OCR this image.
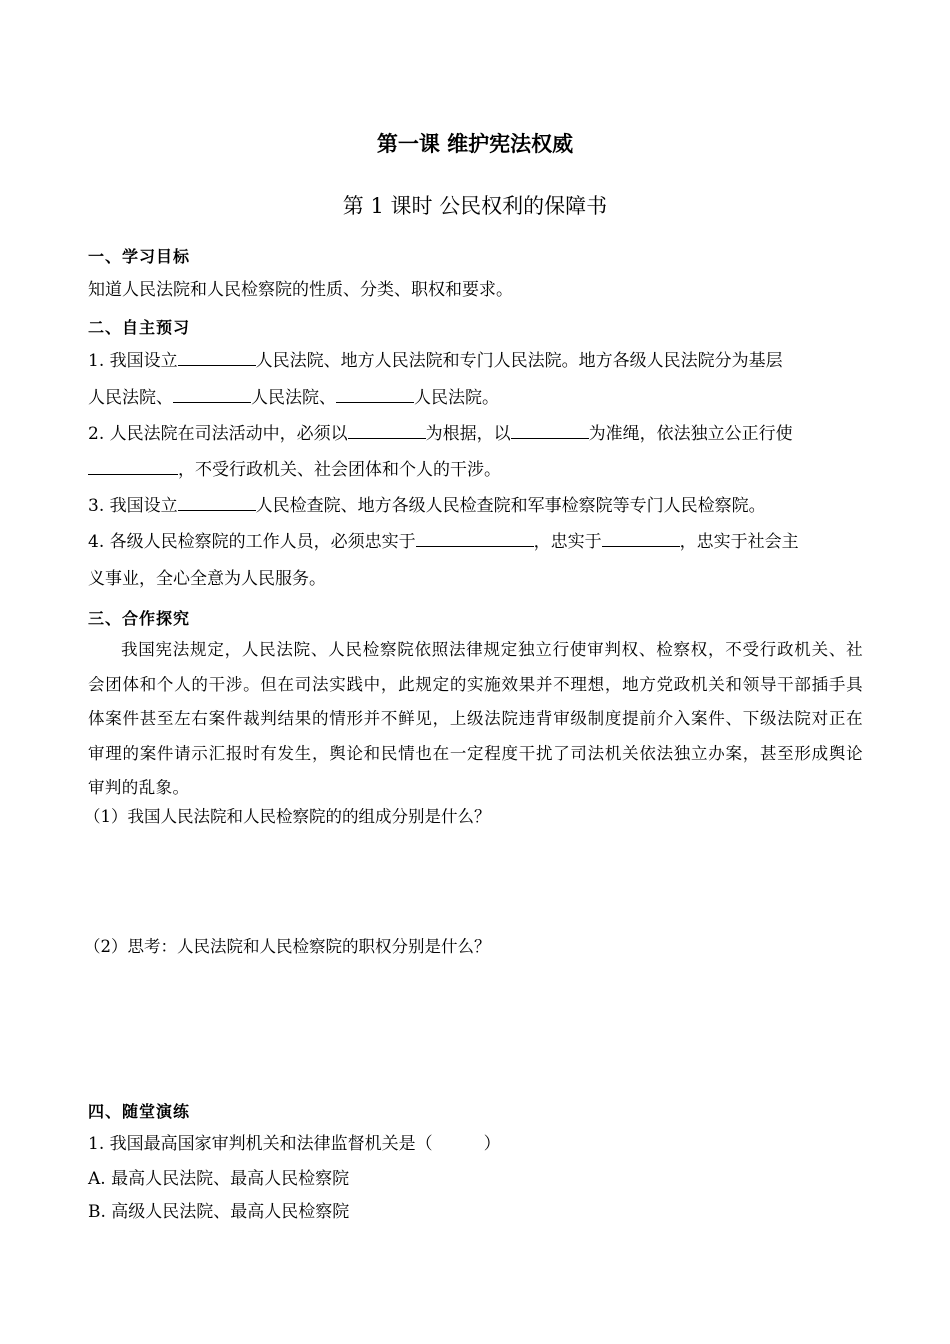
第一课 维护宪法权威
第 1 课时 公民权利的保障书
一、学习目标
知道人民法院和人民检察院的性质、分类、职权和要求。
二、自主预习
1. 我国设立	人民法院、地方人民法院和专门人民法院。地方各级人民法院分为基层
人民法院、	人民法院、	人民法院。
2. 人民法院在司法活动中，必须以	为根据，以	为准绳，依法独立公正行使
，不受行政机关、社会团体和个人的干涉。
3. 我国设立	人民检查院、地方各级人民检查院和军事检察院等专门人民检察院。
4. 各级人民检察院的工作人员，必须忠实于	，忠实于	，忠实于社会主
义事业，全心全意为人民服务。
三、合作探究
我国宪法规定，人民法院、人民检察院依照法律规定独立行使审判权、检察权，不受行政机关、社会团体和个人的干涉。但在司法实践中，此规定的实施效果并不理想，地方党政机关和领导干部插手具体案件甚至左右案件裁判结果的情形并不鲜见，上级法院违背审级制度提前介入案件、下级法院对正在审理的案件请示汇报时有发生，舆论和民情也在一定程度干扰了司法机关依法独立办案，甚至形成舆论审判的乱象。
（1）我国人民法院和人民检察院的的组成分别是什么？
（2）思考：人民法院和人民检察院的职权分别是什么？
四、随堂演练
1. 我国最高国家审判机关和法律监督机关是（　　　）
A. 最高人民法院、最高人民检察院
B. 高级人民法院、最高人民检察院
